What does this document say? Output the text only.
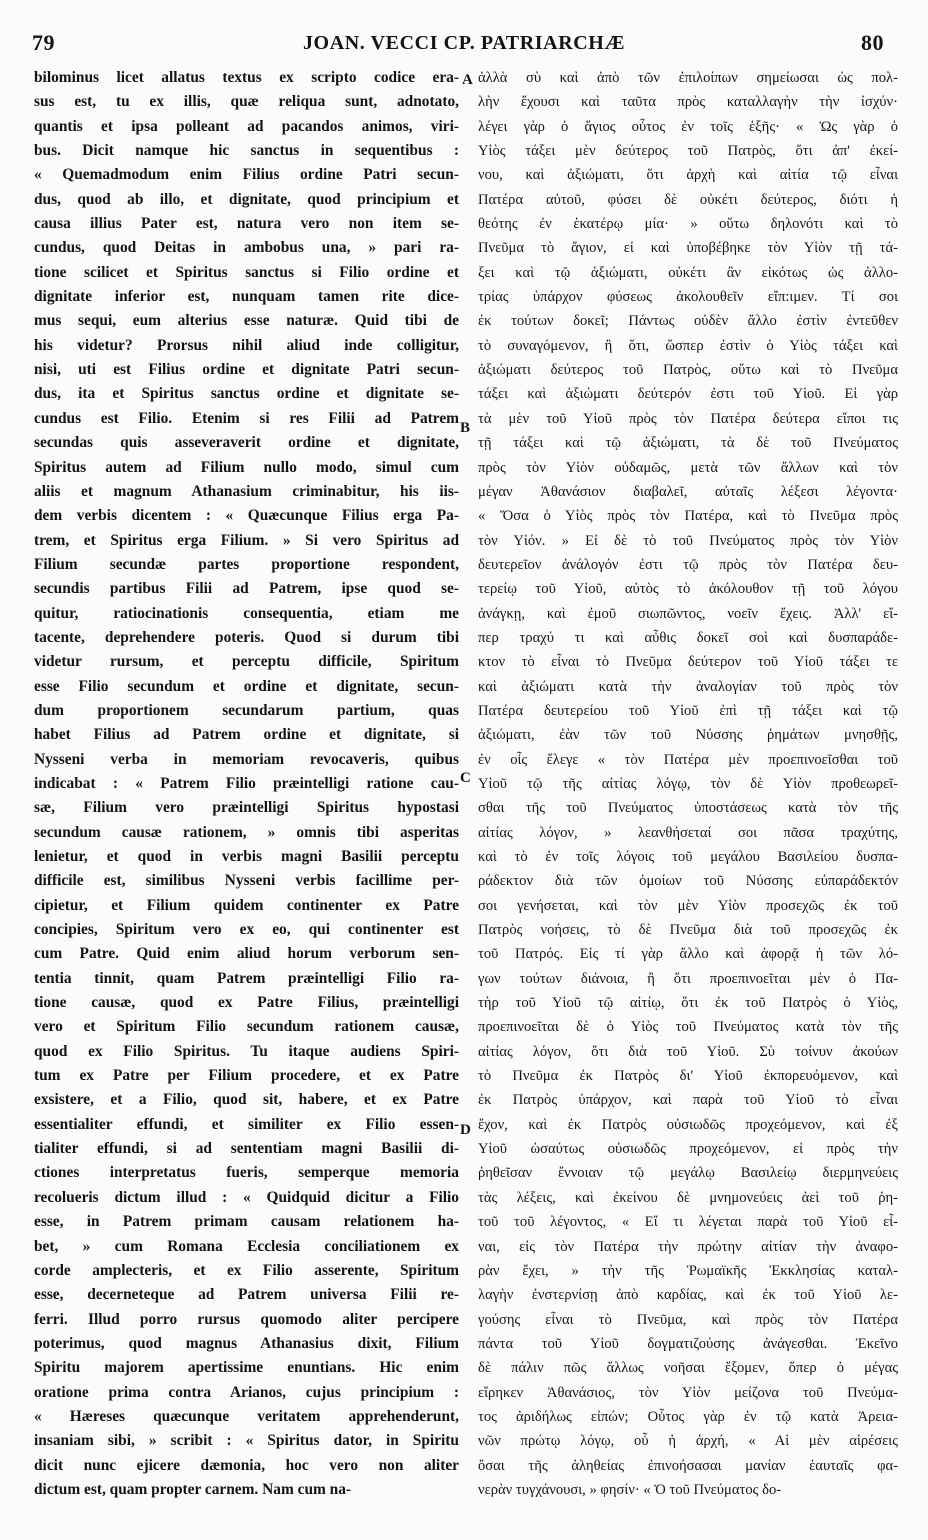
79	JOAN. VECCI CP. PATRIARCHÆ	80
bilominus licet allatus textus ex scripto codice era-
sus est, tu ex illis, quæ reliqua sunt, adnotato,
quantis et ipsa polleant ad pacandos animos, viri-
bus. Dicit namque hic sanctus in sequentibus :
« Quemadmodum enim Filius ordine Patri secun-
dus, quod ab illo, et dignitate, quod principium et
causa illius Pater est, natura vero non item se-
cundus, quod Deitas in ambobus una, » pari ra-
tione scilicet et Spiritus sanctus si Filio ordine et
dignitate inferior est, nunquam tamen rite dice-
mus sequi, eum alterius esse naturæ. Quid tibi de
his videtur? Prorsus nihil aliud inde colligitur,
nisi, uti est Filius ordine et dignitate Patri secun-
dus, ita et Spiritus sanctus ordine et dignitate se-
cundus est Filio. Etenim si res Filii ad Patrem
secundas quis asseveraverit ordine et dignitate,
Spiritus autem ad Filium nullo modo, simul cum
aliis et magnum Athanasium criminabitur, his iis-
dem verbis dicentem : « Quæcunque Filius erga Pa-
trem, et Spiritus erga Filium. » Si vero Spiritus ad
Filium secundæ partes proportione respondent,
secundis partibus Filii ad Patrem, ipse quod se-
quitur, ratiocinationis consequentia, etiam me
tacente, deprehendere poteris. Quod si durum tibi
videtur rursum, et perceptu difficile, Spiritum
esse Filio secundum et ordine et dignitate, secun-
dum proportionem secundarum partium, quas
habet Filius ad Patrem ordine et dignitate, si
Nysseni verba in memoriam revocaveris, quibus
indicabat : « Patrem Filio præintelligi ratione cau-
sæ, Filium vero præintelligi Spiritus hypostasi
secundum causæ rationem, » omnis tibi asperitas
lenietur, et quod in verbis magni Basilii perceptu
difficile est, similibus Nysseni verbis facillime per-
cipietur, et Filium quidem continenter ex Patre
concipies, Spiritum vero ex eo, qui continenter est
cum Patre. Quid enim aliud horum verborum sen-
tentia tinnit, quam Patrem præintelligi Filio ra-
tione causæ, quod ex Patre Filius, præintelligi
vero et Spiritum Filio secundum rationem causæ,
quod ex Filio Spiritus. Tu itaque audiens Spiri-
tum ex Patre per Filium procedere, et ex Patre
exsistere, et a Filio, quod sit, habere, et ex Patre
essentialiter effundi, et similiter ex Filio essen-
tialiter effundi, si ad sententiam magni Basilii di-
ctiones interpretatus fueris, semperque memoria
recolueris dictum illud : « Quidquid dicitur a Filio
esse, in Patrem primam causam relationem ha-
bet, » cum Romana Ecclesia conciliationem ex
corde amplecteris, et ex Filio asserente, Spiritum
esse, decerneteque ad Patrem universa Filii re-
ferri. Illud porro rursus quomodo aliter percipere
poterimus, quod magnus Athanasius dixit, Filium
Spiritu majorem apertissime enuntians. Hic enim
oratione prima contra Arianos, cujus principium :
« Hæreses quæcunque veritatem apprehenderunt,
insaniam sibi, » scribit : « Spiritus dator, in Spiritu
dicit nunc ejicere dæmonia, hoc vero non aliter
dictum est, quam propter carnem. Nam cum na-
ἀλλὰ σὺ καὶ ἀπὸ τῶν ἐπιλοίπων σημείωσαι ὡς πολ-
λὴν ἔχουσι καὶ ταῦτα πρὸς καταλλαγὴν τὴν ἰσχύν·
λέγει γὰρ ὁ ἅγιος οὗτος ἐν τοῖς ἑξῆς· « Ὡς γὰρ ὁ
Υἱὸς τάξει μὲν δεύτερος τοῦ Πατρὸς, ὅτι ἀπ' ἐκεί-
νου, καὶ ἀξιώματι, ὅτι ἀρχὴ καὶ αἰτία τῷ εἶναι
Πατέρα αὐτοῦ, φύσει δὲ οὐκέτι δεύτερος, διότι ἡ
θεότης ἐν ἑκατέρῳ μία· » οὕτω δηλονότι καὶ τὸ
Πνεῦμα τὸ ἅγιον, εἰ καὶ ὑποβέβηκε τὸν Υἱὸν τῇ τά-
ξει καὶ τῷ ἀξιώματι, οὐκέτι ἂν εἰκότως ὡς ἀλλο-
τρίας ὑπάρχον φύσεως ἀκολουθεῖν εἴπ:ιμεν. Τί σοι
ἐκ τούτων δοκεῖ; Πάντως οὐδὲν ἄλλο ἐστὶν ἐντεῦθεν
τὸ συναγόμενον, ἢ ὅτι, ὥσπερ ἐστὶν ὁ Υἱὸς τάξει καὶ
ἀξιώματι δεύτερος τοῦ Πατρὸς, οὕτω καὶ τὸ Πνεῦμα
τάξει καὶ ἀξιώματι δεύτερόν ἐστι τοῦ Υἱοῦ. Εἰ γὰρ
τὰ μὲν τοῦ Υἱοῦ πρὸς τὸν Πατέρα δεύτερα εἴποι τις
τῇ τάξει καὶ τῷ ἀξιώματι, τὰ δὲ τοῦ Πνεύματος
πρὸς τὸν Υἱὸν οὐδαμῶς, μετὰ τῶν ἄλλων καὶ τὸν
μέγαν Ἀθανάσιον διαβαλεῖ, αὐταῖς λέξεσι λέγοντα·
« Ὅσα ὁ Υἱὸς πρὸς τὸν Πατέρα, καὶ τὸ Πνεῦμα πρὸς
τὸν Υἱόν. » Εἰ δὲ τὸ τοῦ Πνεύματος πρὸς τὸν Υἱὸν
δευτερεῖον ἀνάλογόν ἐστι τῷ πρὸς τὸν Πατέρα δευ-
τερείῳ τοῦ Υἱοῦ, αὐτὸς τὸ ἀκόλουθον τῇ τοῦ λόγου
ἀνάγκῃ, καὶ ἐμοῦ σιωπῶντος, νοεῖν ἔχεις. Ἀλλ' εἴ-
περ τραχύ τι καὶ αὖθις δοκεῖ σοὶ καὶ δυσπαράδε-
κτον τὸ εἶναι τὸ Πνεῦμα δεύτερον τοῦ Υἱοῦ τάξει τε
καὶ ἀξιώματι κατὰ τὴν ἀναλογίαν τοῦ πρὸς τὸν
Πατέρα δευτερείου τοῦ Υἱοῦ ἐπὶ τῇ τάξει καὶ τῷ
ἀξιώματι, ἐὰν τῶν τοῦ Νύσσης ῥημάτων μνησθῇς,
ἐν οἷς ἔλεγε « τὸν Πατέρα μὲν προεπινοεῖσθαι τοῦ
Υἱοῦ τῷ τῆς αἰτίας λόγῳ, τὸν δὲ Υἱὸν προθεωρεῖ-
σθαι τῆς τοῦ Πνεύματος ὑποστάσεως κατὰ τὸν τῆς
αἰτίας λόγον, » λεανθήσεταί σοι πᾶσα τραχύτης,
καὶ τὸ ἐν τοῖς λόγοις τοῦ μεγάλου Βασιλείου δυσπα-
ράδεκτον διὰ τῶν ὁμοίων τοῦ Νύσσης εὐπαράδεκτόν
σοι γενήσεται, καὶ τὸν μὲν Υἱὸν προσεχῶς ἐκ τοῦ
Πατρὸς νοήσεις, τὸ δὲ Πνεῦμα διὰ τοῦ προσεχῶς ἐκ
τοῦ Πατρός. Εἰς τί γὰρ ἄλλο καὶ ἀφορᾷ ἡ τῶν λό-
γων τούτων διάνοια, ἢ ὅτι προεπινοεῖται μὲν ὁ Πα-
τὴρ τοῦ Υἱοῦ τῷ αἰτίῳ, ὅτι ἐκ τοῦ Πατρὸς ὁ Υἱὸς,
προεπινοεῖται δὲ ὁ Υἱὸς τοῦ Πνεύματος κατὰ τὸν τῆς
αἰτίας λόγον, ὅτι διὰ τοῦ Υἱοῦ. Σὺ τοίνυν ἀκούων
τὸ Πνεῦμα ἐκ Πατρὸς δι' Υἱοῦ ἐκπορευόμενον, καὶ
ἐκ Πατρὸς ὑπάρχον, καὶ παρὰ τοῦ Υἱοῦ τὸ εἶναι
ἔχον, καὶ ἐκ Πατρὸς οὐσιωδῶς προχεόμενον, καὶ ἐξ
Υἱοῦ ὡσαύτως οὐσιωδῶς προχεόμενον, εἰ πρὸς τὴν
ῥηθεῖσαν ἔννοιαν τῷ μεγάλῳ Βασιλείῳ διερμηνεύεις
τὰς λέξεις, καὶ ἐκείνου δὲ μνημονεύεις ἀεὶ τοῦ ῥη-
τοῦ τοῦ λέγοντος, « Εἴ τι λέγεται παρὰ τοῦ Υἱοῦ εἶ-
ναι, εἰς τὸν Πατέρα τὴν πρώτην αἰτίαν τὴν ἀναφο-
ρὰν ἔχει, » τὴν τῆς Ῥωμαϊκῆς Ἐκκλησίας καταλ-
λαγὴν ἐνστερνίσῃ ἀπὸ καρδίας, καὶ ἐκ τοῦ Υἱοῦ λε-
γούσης εἶναι τὸ Πνεῦμα, καὶ πρὸς τὸν Πατέρα
πάντα τοῦ Υἱοῦ δογματιζούσης ἀνάγεσθαι. Ἐκεῖνο
δὲ πάλιν πῶς ἄλλως νοῆσαι ἕξομεν, ὅπερ ὁ μέγας
εἴρηκεν Ἀθανάσιος, τὸν Υἱὸν μείζονα τοῦ Πνεύμα-
τος ἀριδήλως εἰπών; Οὗτος γὰρ ἐν τῷ κατὰ Ἀρεια-
νῶν πρώτῳ λόγῳ, οὗ ἡ ἀρχή, « Αἱ μὲν αἱρέσεις
ὅσαι τῆς ἀληθείας ἐπινοήσασαι μανίαν ἑαυταῖς φα-
νερὰν τυγχάνουσι, » φησίν· « Ὁ τοῦ Πνεύματος δο-
A
B
C
D
